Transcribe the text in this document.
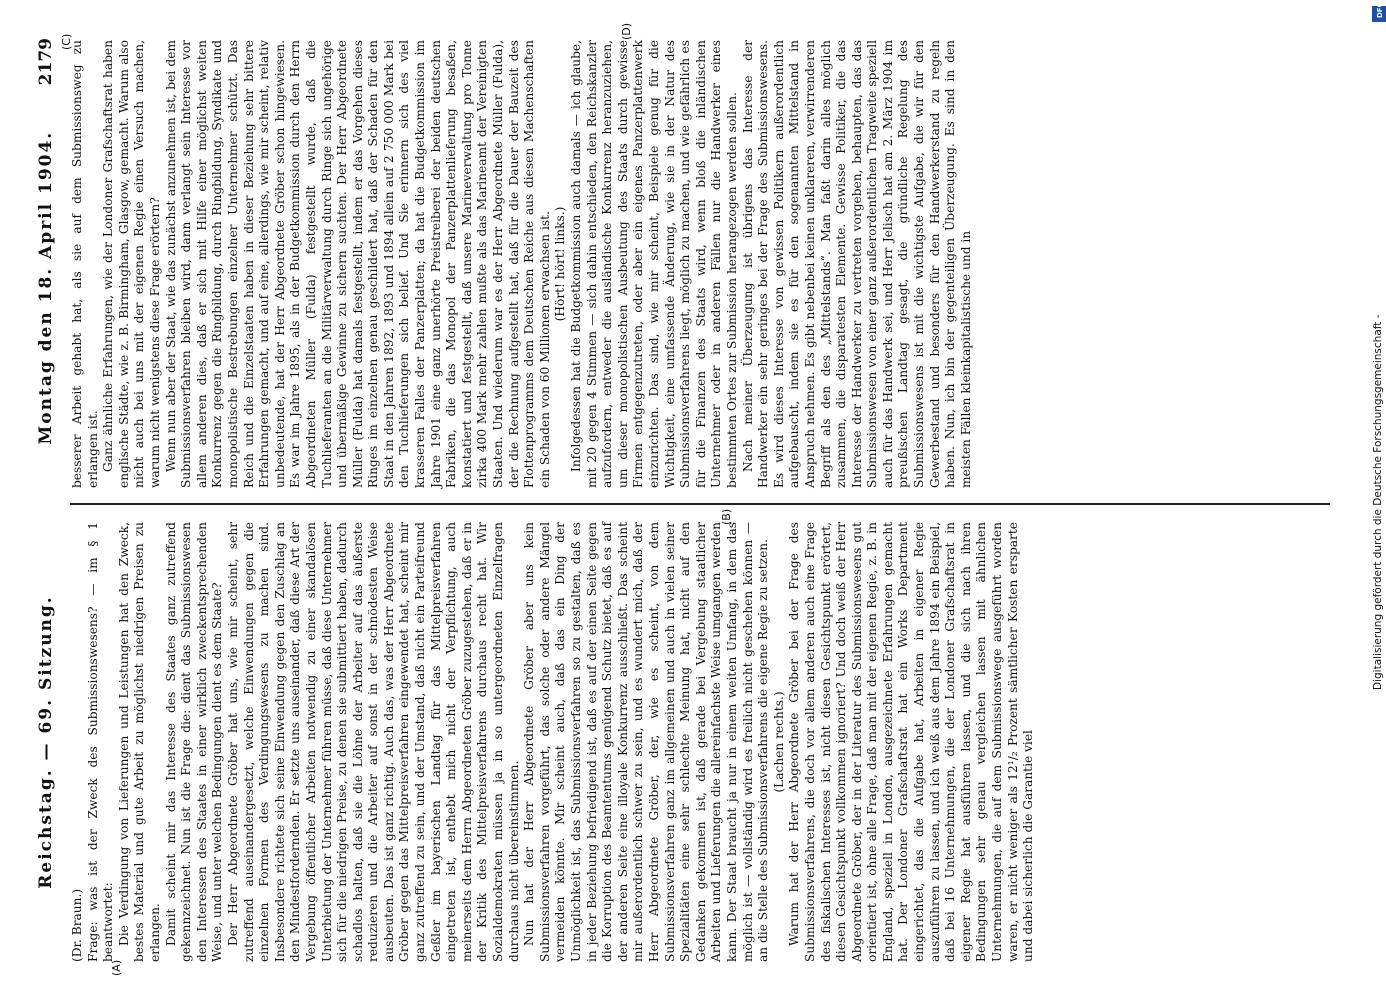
Reichstag. — 69. Sitzung.
Montag den 18. April 1904.
2179
(A)
(B)
(C)
(D)

(Dr. Braun.) Frage: was ist der Zweck des Submissionswesens? — im § 1 beantwortet: Die Verdingung von Lieferungen und Leistungen hat den Zweck, bestes Material und gute Arbeit zu möglichst niedrigen Preisen zu erlangen. Damit scheint mir das Interesse des Staates ganz zutreffend gekennzeichnet. Nun ist die Frage die: dient das Submissionswesen den Interessen des Staates in einer wirklich zweckentsprechenden Weise, und unter welchen Bedingungen dient es dem Staate? Der Herr Abgeordnete Gröber hat uns, wie mir scheint, sehr zutreffend auseinandergesetzt, welche Einwendungen gegen die einzelnen Formen des Verdingungswesens zu machen sind. Insbesondere richtete sich seine Einwendung gegen den Zuschlag an den Mindestfordernden. Er setzte uns auseinander, daß diese Art der Vergebung öffentlicher Arbeiten notwendig zu einer skandalösen Unterbietung der Unternehmer führen müsse, daß diese Unternehmer sich für die niedrigen Preise, zu denen sie submittiert haben, dadurch schadlos halten, daß sie die Löhne der Arbeiter auf das äußerste reduzieren und die Arbeiter auf sonst in der schnödesten Weise ausbeuten. Das ist ganz richtig. Auch das, was der Herr Abgeordnete Gröber gegen das Mittelpreisverfahren eingewendet hat, scheint mir ganz zutreffend zu sein, und der Umstand, daß nicht ein Parteifreund Geßler im bayerischen Landtag für das Mittelpreisverfahren eingetreten ist, enthebt mich nicht der Verpflichtung, auch meinerseits dem Herrn Abgeordneten Gröber zuzugestehen, daß er in der Kritik des Mittelpreisverfahrens durchaus recht hat. Wir Sozialdemokraten müssen ja in so untergeordneten Einzelfragen durchaus nicht übereinstimmen. Nun hat der Herr Abgeordnete Gröber aber uns kein Submissionsverfahren vorgeführt, das solche oder andere Mängel vermeiden könnte. Mir scheint auch, daß das ein Ding der Unmöglichkeit ist, das Submissionsverfahren so zu gestalten, daß es in jeder Beziehung befriedigend ist, daß es auf der einen Seite gegen die Korruption des Beamtentums genügend Schutz bietet, daß es auf der anderen Seite eine illoyale Konkurrenz ausschließt. Das scheint mir außerordentlich schwer zu sein, und es wundert mich, daß der Herr Abgeordnete Gröber, der, wie es scheint, von dem Submissionsverfahren ganz im allgemeinen und auch in vielen seiner Spezialitäten eine sehr schlechte Meinung hat, nicht auf den Gedanken gekommen ist, daß gerade bei Vergebung staatlicher Arbeiten und Lieferungen die allereinfachste Weise umgangen werden kann. Der Staat braucht ja nur in einem weiten Umfang, in dem das möglich ist — vollständig wird es freilich nicht geschehen können — an die Stelle des Submissionsverfahrens die eigene Regie zu setzen. (Lachen rechts.) Warum hat der Herr Abgeordnete Gröber bei der Frage des Submissionsverfahrens, die doch vor allem anderen auch eine Frage des fiskalischen Interesses ist, nicht diesen Gesichtspunkt erörtert, diesen Gesichtspunkt vollkommen ignoriert? Und doch weiß der Herr Abgeordnete Gröber, der in der Literatur des Submissionswesens gut orientiert ist, ohne alle Frage, daß man mit der eigenen Regie, z. B. in England, speziell in London, ausgezeichnete Erfahrungen gemacht hat. Der Londoner Grafschaftsrat hat ein Works Department eingerichtet, das die Aufgabe hat, Arbeiten in eigener Regie auszuführen zu lassen, und ich weiß aus dem Jahre 1894 ein Beispiel, daß bei 16 Unternehmungen, die der Londoner Grafschaftsrat in eigener Regie hat ausführen lassen, und die sich nach ihren Bedingungen sehr genau vergleichen lassen mit ähnlichen Unternehmungen, die auf dem Submissionswege ausgeführt worden waren, er nicht weniger als 12¹/₂ Prozent sämtlicher Kosten ersparte und dabei sicherlich die Garantie viel

besserer Arbeit gehabt hat, als sie auf dem Submissionsweg zu erlangen ist. Ganz ähnliche Erfahrungen, wie der Londoner Grafschaftsrat haben englische Städte, wie z. B. Birmingham, Glasgow, gemacht. Warum also nicht auch bei uns mit der eigenen Regie einen Versuch machen, warum nicht wenigstens diese Frage erörtern? Wenn nun aber der Staat, wie das zunächst anzunehmen ist, bei dem Submissionsverfahren bleiben wird, dann verlangt sein Interesse vor allem anderen dies, daß er sich mit Hilfe einer möglichst weiten Konkurrenz gegen die Ringbildung, durch Ringbildung, Syndikate und monopolistische Bestrebungen einzelner Unternehmer schützt. Das Reich und die Einzelstaaten haben in dieser Beziehung sehr bittere Erfahrungen gemacht, und auf eine, allerdings, wie mir scheint, relativ unbedeutende, hat der Herr Abgeordnete Gröber schon hingewiesen. Es war im Jahre 1895, als in der Budgetkommission durch den Herrn Abgeordneten Müller (Fulda) festgestellt wurde, daß die Tuchlieferanten an die Militärverwaltung durch Ringe sich ungehörige und übermäßige Gewinne zu sichern suchten. Der Herr Abgeordnete Müller (Fulda) hat damals festgestellt, indem er das Vorgehen dieses Ringes im einzelnen genau geschildert hat, daß der Schaden für den Staat in den Jahren 1892, 1893 und 1894 allein auf 2 750 000 Mark bei den Tuchlieferungen sich belief. Und Sie erinnern sich des viel krasseren Falles der Panzerplatten; da hat die Budgetkommission im Jahre 1901 eine ganz unerhörte Preistreiberei der beiden deutschen Fabriken, die das Monopol der Panzerplattenlieferung besaßen, konstatiert und festgestellt, daß unsere Marineverwaltung pro Tonne zirka 400 Mark mehr zahlen mußte als das Marineamt der Vereinigten Staaten. Und wiederum war es der Herr Abgeordnete Müller (Fulda), der die Rechnung aufgestellt hat, daß für die Dauer der Bauzeit des Flottenprogramms dem Deutschen Reiche aus diesen Machenschaften ein Schaden von 60 Millionen erwachsen ist. (Hört! hört! links.) Infolgedessen hat die Budgetkommission auch damals — ich glaube, mit 20 gegen 4 Stimmen — sich dahin entschieden, den Reichskanzler aufzufordern, entweder die ausländische Konkurrenz heranzuziehen, um dieser monopolistischen Ausbeutung des Staats durch gewisse Firmen entgegenzutreten, oder aber ein eigenes Panzerplattenwerk einzurichten. Das sind, wie mir scheint, Beispiele genug für die Wichtigkeit, eine umfassende Änderung, wie sie in der Natur des Submissionsverfahrens liegt, möglich zu machen, und wie gefährlich es für die Finanzen des Staats wird, wenn bloß die inländischen Unternehmer oder in anderen Fällen nur die Handwerker eines bestimmten Ortes zur Submission herangezogen werden sollen. Nach meiner Überzeugung ist übrigens das Interesse der Handwerker ein sehr geringes bei der Frage des Submissionswesens. Es wird dieses Interesse von gewissen Politikern außerordentlich aufgebauscht, indem sie es für den sogenannten Mittelstand in Anspruch nehmen. Es gibt nebenbei keinen unklareren, verwirrenderen Begriff als den des „Mittelstands“. Man faßt darin alles möglich zusammen, die disparatesten Elemente. Gewisse Politiker, die das Interesse der Handwerker zu vertreten vorgeben, behaupten, das das Submissionswesen von einer ganz außerordentlichen Tragweite speziell auch für das Handwerk sei, und Herr Jelisch hat am 2. März 1904 im preußischen Landtag gesagt, die gründliche Regelung des Submissionswesens ist mit die wichtigste Aufgabe, die wir für den Gewerbestand und besonders für den Handwerkerstand zu regeln haben. Nun, ich bin der gegenteiligen Überzeugung. Es sind in den meisten Fällen kleinkapitalistische und in	Digitalisierung gefördert durch die Deutsche Forschungsgemeinschaft -
DFG
